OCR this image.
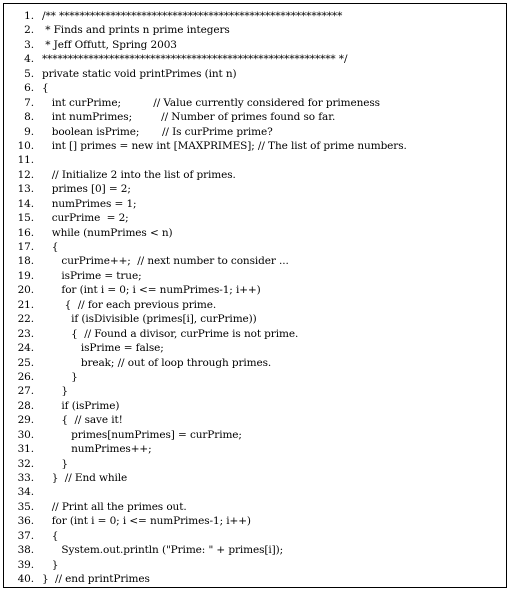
1. /** *******************************************************
2. * Finds and prints n prime integers
3. * Jeff Offutt, Spring 2003
4. ********************************************************* */
5. private static void printPrimes (int n)
6. {
7. int curPrime;          // Value currently considered for primeness
8. int numPrimes;         // Number of primes found so far.
9. boolean isPrime;       // Is curPrime prime?
10. int [] primes = new int [MAXPRIMES]; // The list of prime numbers.
11.
12. // Initialize 2 into the list of primes.
13. primes [0] = 2;
14. numPrimes = 1;
15. curPrime  = 2;
16. while (numPrimes < n)
17. {
18. curPrime++;  // next number to consider ...
19. isPrime = true;
20. for (int i = 0; i <= numPrimes-1; i++)
21. {  // for each previous prime.
22. if (isDivisible (primes[i], curPrime))
23. {  // Found a divisor, curPrime is not prime.
24. isPrime = false;
25. break; // out of loop through primes.
26. }
27. }
28. if (isPrime)
29. {  // save it!
30. primes[numPrimes] = curPrime;
31. numPrimes++;
32. }
33. }  // End while
34.
35. // Print all the primes out.
36. for (int i = 0; i <= numPrimes-1; i++)
37. {
38. System.out.println ("Prime: " + primes[i]);
39. }
40. }  // end printPrimes
